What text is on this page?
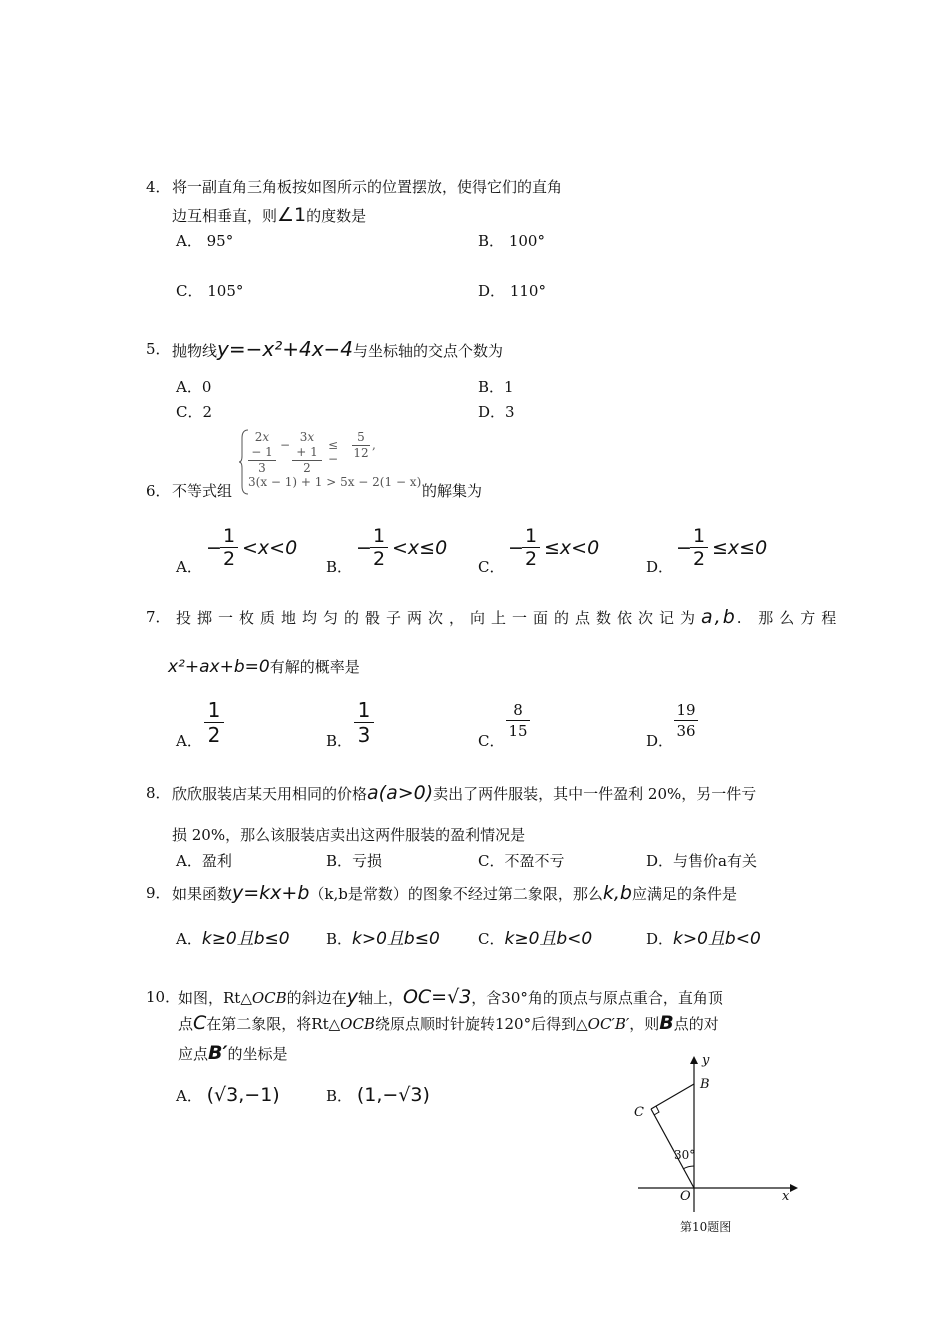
4． 将一副直角三角板按如图所示的位置摆放，使得它们的直角
边互相垂直，则∠1的度数是
A． 95°	B． 100°
C． 105°	D． 110°
5． 抛物线y=−x²+4x−4与坐标轴的交点个数为
A．0	B．1
C．2	D．3
6． 不等式组
$\frac{2x - 1}{3} - \frac{3x + 1}{2}$ ≤ − $\frac{5}{12}$ ,
3(x − 1) + 1 > 5x − 2(1 − x).
的解集为
A．	B．	C．	D．
−
$\frac{1}{2} <x<0$	−
$\frac{1}{2} <x\le 0$	−
$\frac{1}{2} \le x<0$	−
$\frac{1}{2} \le x\le 0$
7． 投掷一枚质地均匀的骰子两次，向上一面的点数依次记为a,b. 那么方程
x²+ax+b=0有解的概率是
A．	B．	C．	D．
$\frac{1}{2}$	$\frac{1}{3}$	$\frac{8}{15}$	$\frac{19}{36}$
8． 欣欣服装店某天用相同的价格a(a>0)卖出了两件服装，其中一件盈利 20%，另一件亏
损 20%，那么该服装店卖出这两件服装的盈利情况是
A．盈利	B．亏损	C．不盈不亏	D．与售价a有关
9． 如果函数y=kx+b（k,b是常数）的图象不经过第二象限，那么k,b应满足的条件是
A．k≥0且b≤0 B．k>0且b≤0	C．k≥0且b<0	D．k>0且b<0
10．
如图，Rt△OCB的斜边在y轴上，OC=√3，含30°角的顶点与原点重合，直角顶
点C在第二象限，将Rt△OCB绕原点顺时针旋转120°后得到△OC′B′，则B点的对
应点B′的坐标是
A． (√3,−1)	B． (1,−√3)
y
B
C
30°
O	x
第10题图
